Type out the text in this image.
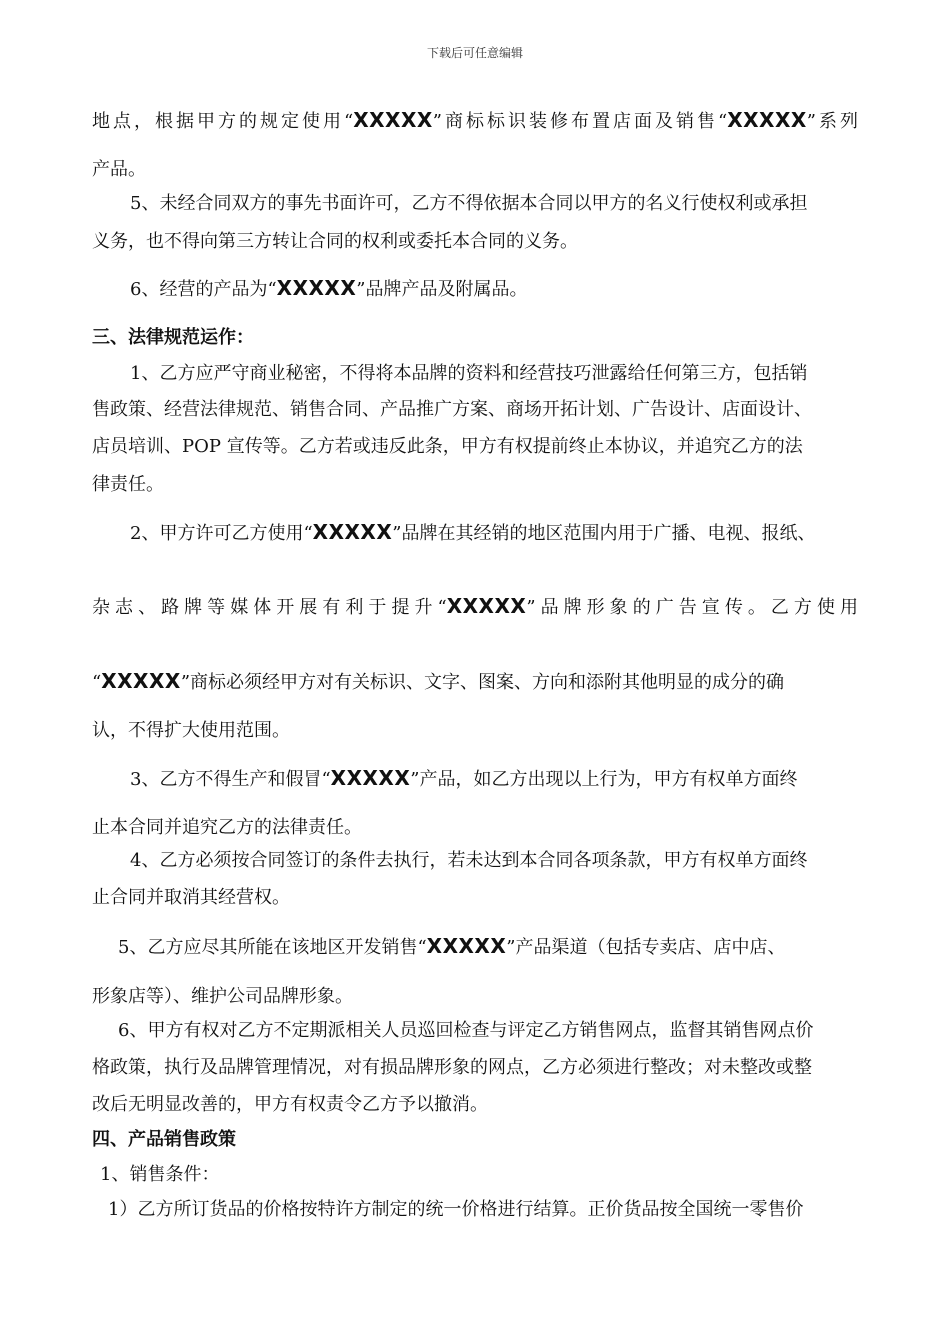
下载后可任意编辑
地点，根据甲方的规定使用“XXXXX”商标标识装修布置店面及销售“XXXXX”系列
产品。
5、未经合同双方的事先书面许可，乙方不得依据本合同以甲方的名义行使权利或承担
义务，也不得向第三方转让合同的权利或委托本合同的义务。
6、经营的产品为“XXXXX”品牌产品及附属品。
三、法律规范运作：
1、乙方应严守商业秘密，不得将本品牌的资料和经营技巧泄露给任何第三方，包括销
售政策、经营法律规范、销售合同、产品推广方案、商场开拓计划、广告设计、店面设计、
店员培训、POP 宣传等。乙方若或违反此条，甲方有权提前终止本协议，并追究乙方的法
律责任。
2、甲方许可乙方使用“XXXXX”品牌在其经销的地区范围内用于广播、电视、报纸、
杂志、路牌等媒体开展有利于提升“XXXXX”品牌形象的广告宣传。乙方使用
“XXXXX”商标必须经甲方对有关标识、文字、图案、方向和添附其他明显的成分的确
认，不得扩大使用范围。
3、乙方不得生产和假冒“XXXXX”产品，如乙方出现以上行为，甲方有权单方面终
止本合同并追究乙方的法律责任。
4、乙方必须按合同签订的条件去执行，若未达到本合同各项条款，甲方有权单方面终
止合同并取消其经营权。
5、乙方应尽其所能在该地区开发销售“XXXXX”产品渠道（包括专卖店、店中店、
形象店等）、维护公司品牌形象。
6、甲方有权对乙方不定期派相关人员巡回检查与评定乙方销售网点，监督其销售网点价
格政策，执行及品牌管理情况，对有损品牌形象的网点，乙方必须进行整改；对未整改或整
改后无明显改善的，甲方有权责令乙方予以撤消。
四、产品销售政策
1、销售条件：
1）乙方所订货品的价格按特许方制定的统一价格进行结算。正价货品按全国统一零售价
